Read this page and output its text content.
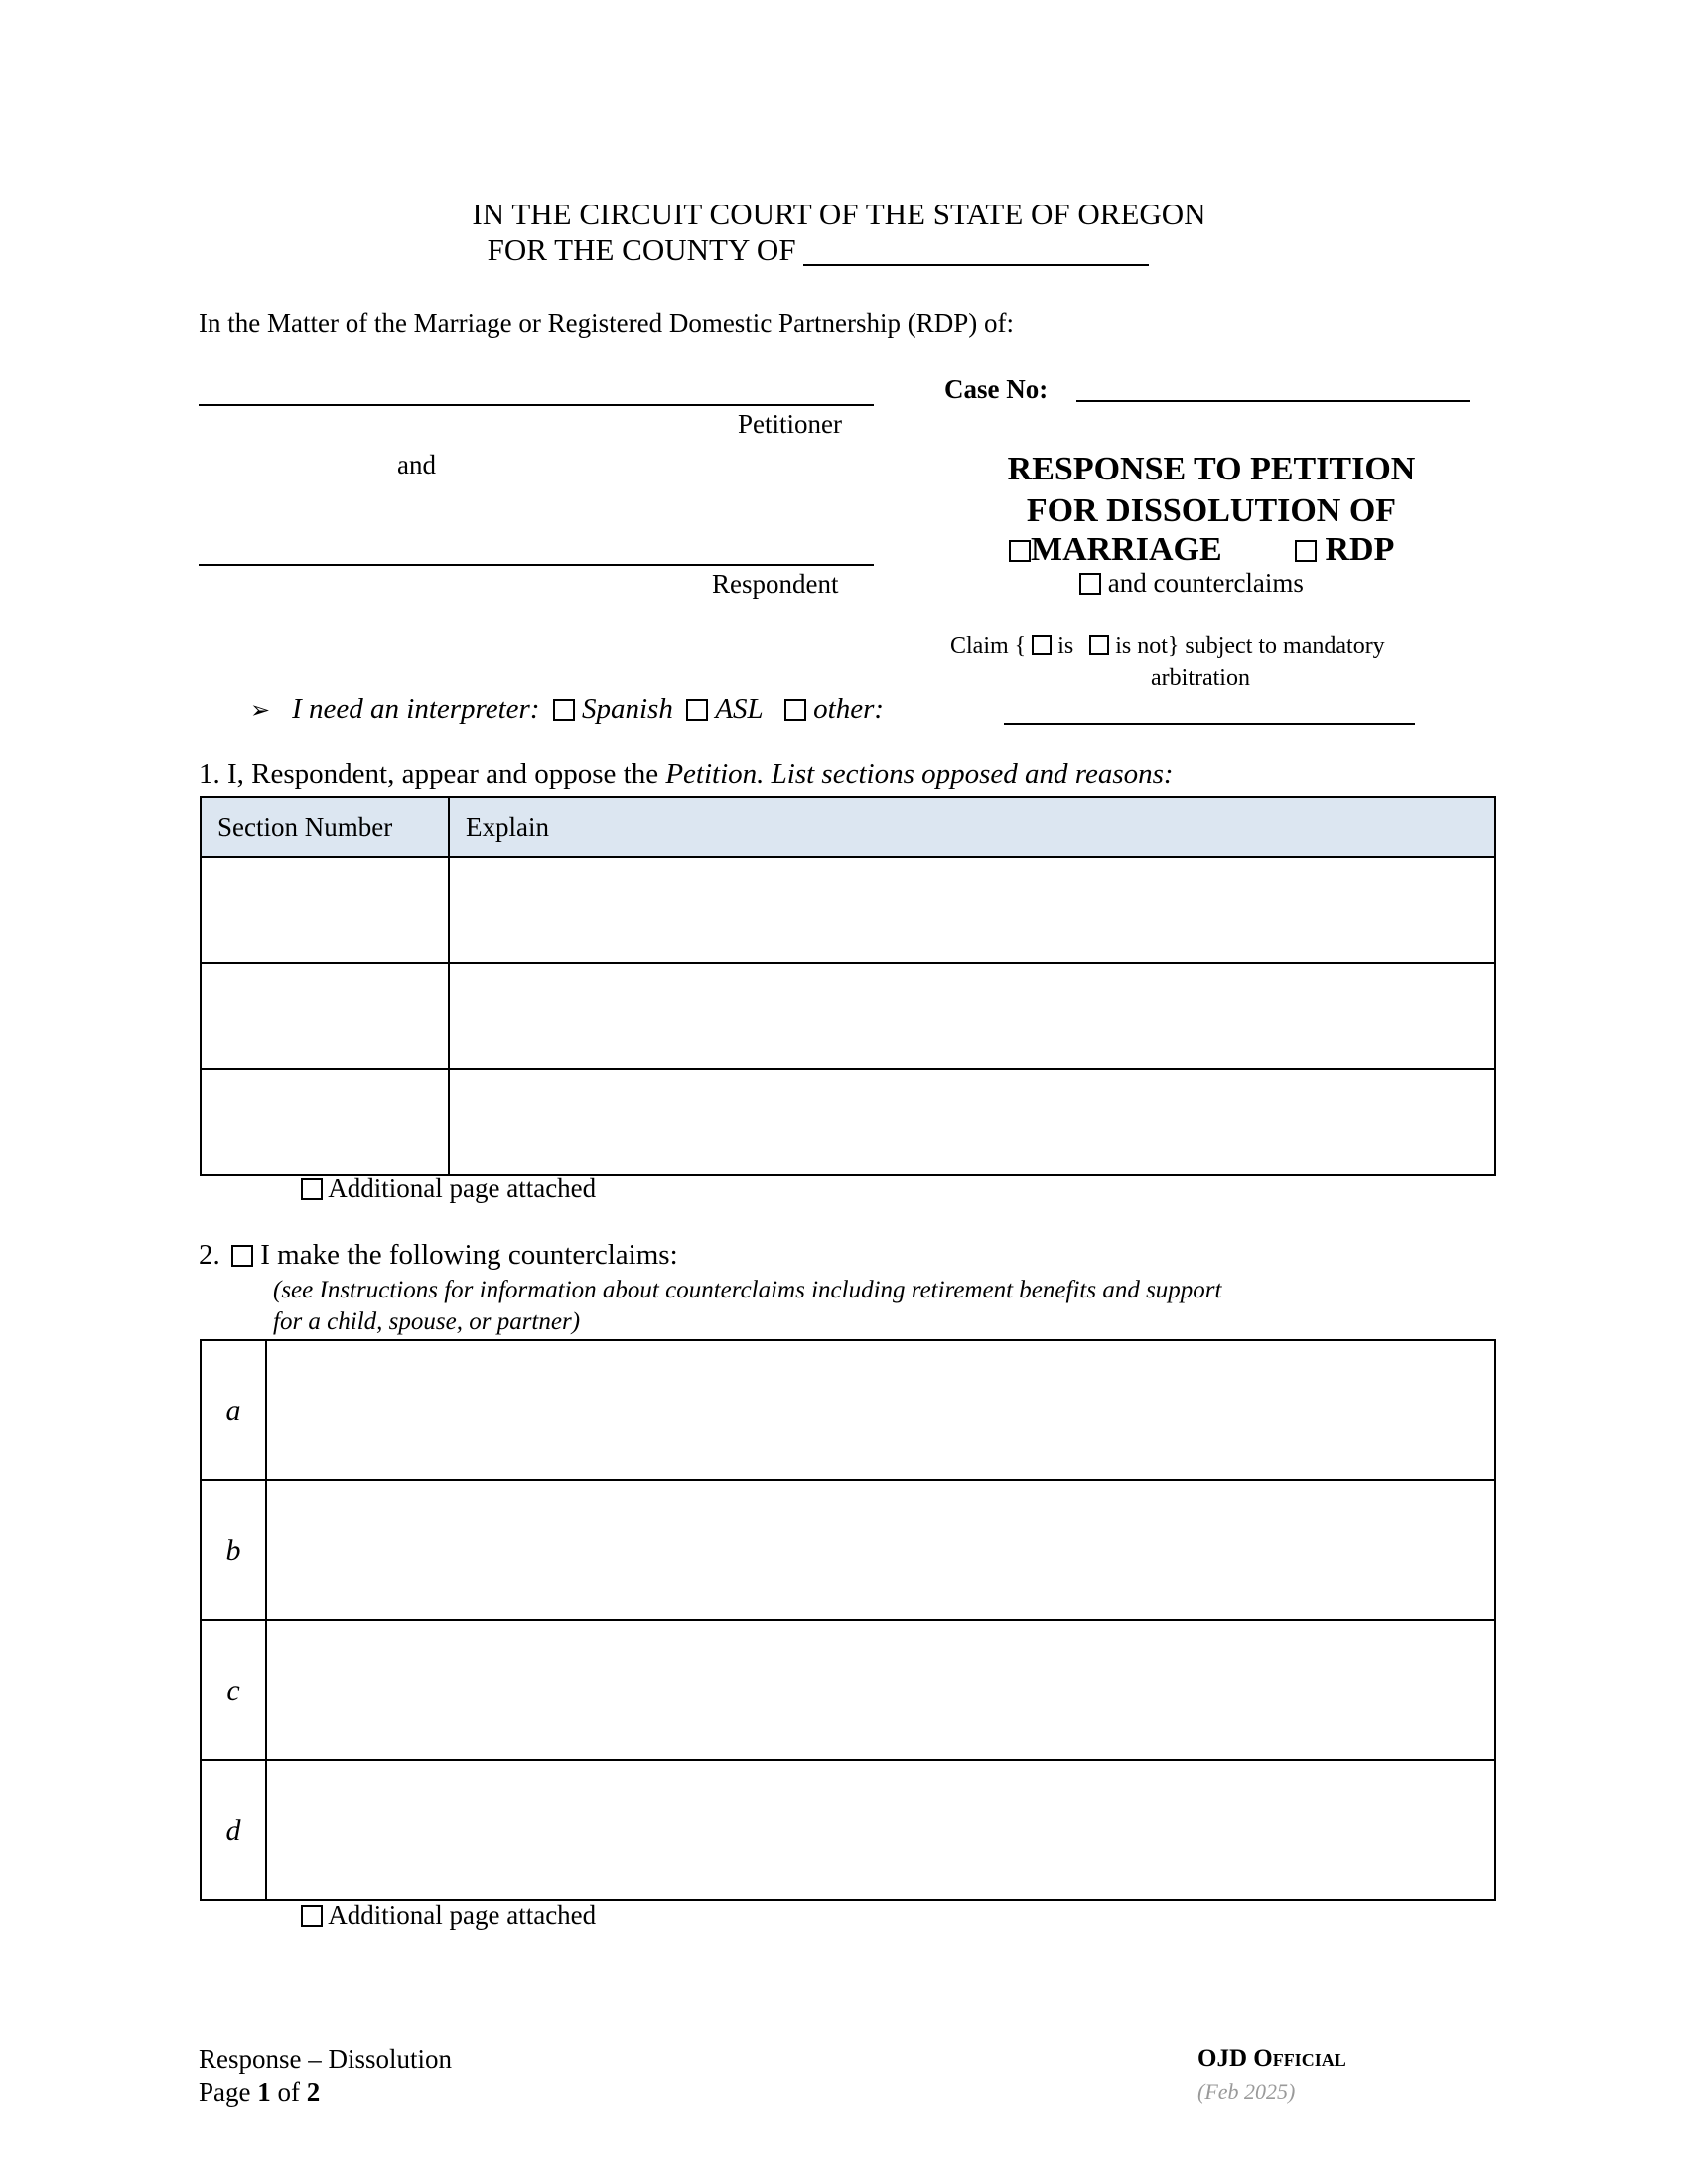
IN THE CIRCUIT COURT OF THE STATE OF OREGON
FOR THE COUNTY OF
In the Matter of the Marriage or Registered Domestic Partnership (RDP) of:
Petitioner
and
Respondent
Case No:
RESPONSE TO PETITION
FOR DISSOLUTION OF
MARRIAGE	RDP
and counterclaims
Claim { is is not} subject to mandatory
arbitration
➢ I need an interpreter: Spanish ASL other:
1. I, Respondent, appear and oppose the Petition. List sections opposed and reasons:
Section Number	Explain

Additional page attached
2. I make the following counterclaims:
(see Instructions for information about counterclaims including retirement benefits and support
for a child, spouse, or partner)
a	
b	
c	
d	
Additional page attached
Response – Dissolution
Page 1 of 2
OJD Official
(Feb 2025)
